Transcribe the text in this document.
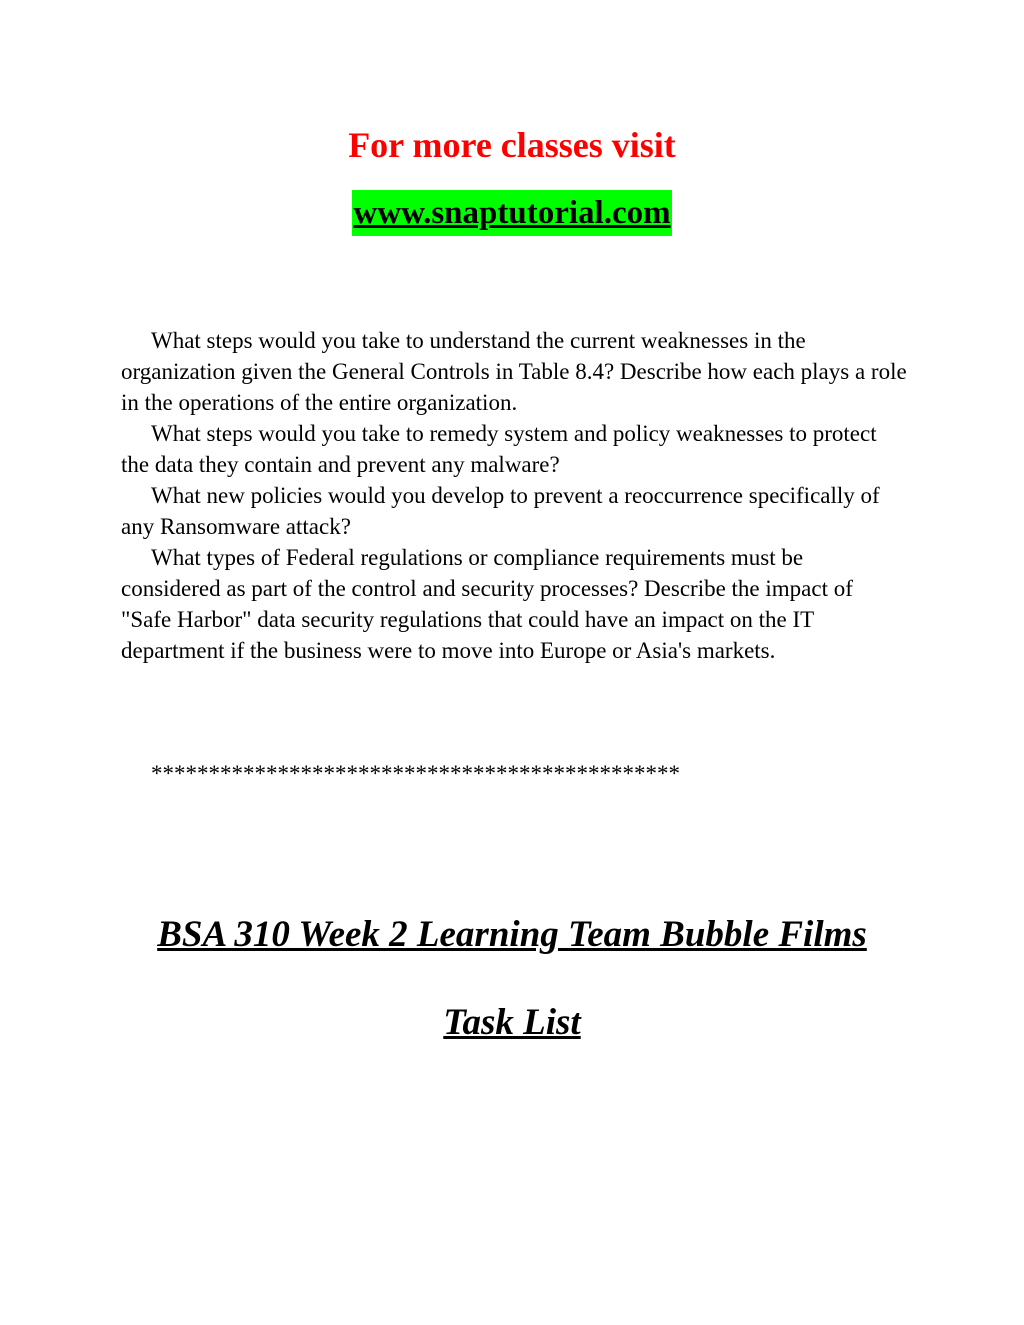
For more classes visit
www.snaptutorial.com

What steps would you take to understand the current weaknesses in the organization given the General Controls in Table 8.4? Describe how each plays a role in the operations of the entire organization.

What steps would you take to remedy system and policy weaknesses to protect the data they contain and prevent any malware?

What new policies would you develop to prevent a reoccurrence specifically of any Ransomware attack?

What types of Federal regulations or compliance requirements must be considered as part of the control and security processes? Describe the impact of "Safe Harbor" data security regulations that could have an impact on the IT department if the business were to move into Europe or Asia's markets.

**********************************************
BSA 310 Week 2 Learning Team Bubble Films
Task List
